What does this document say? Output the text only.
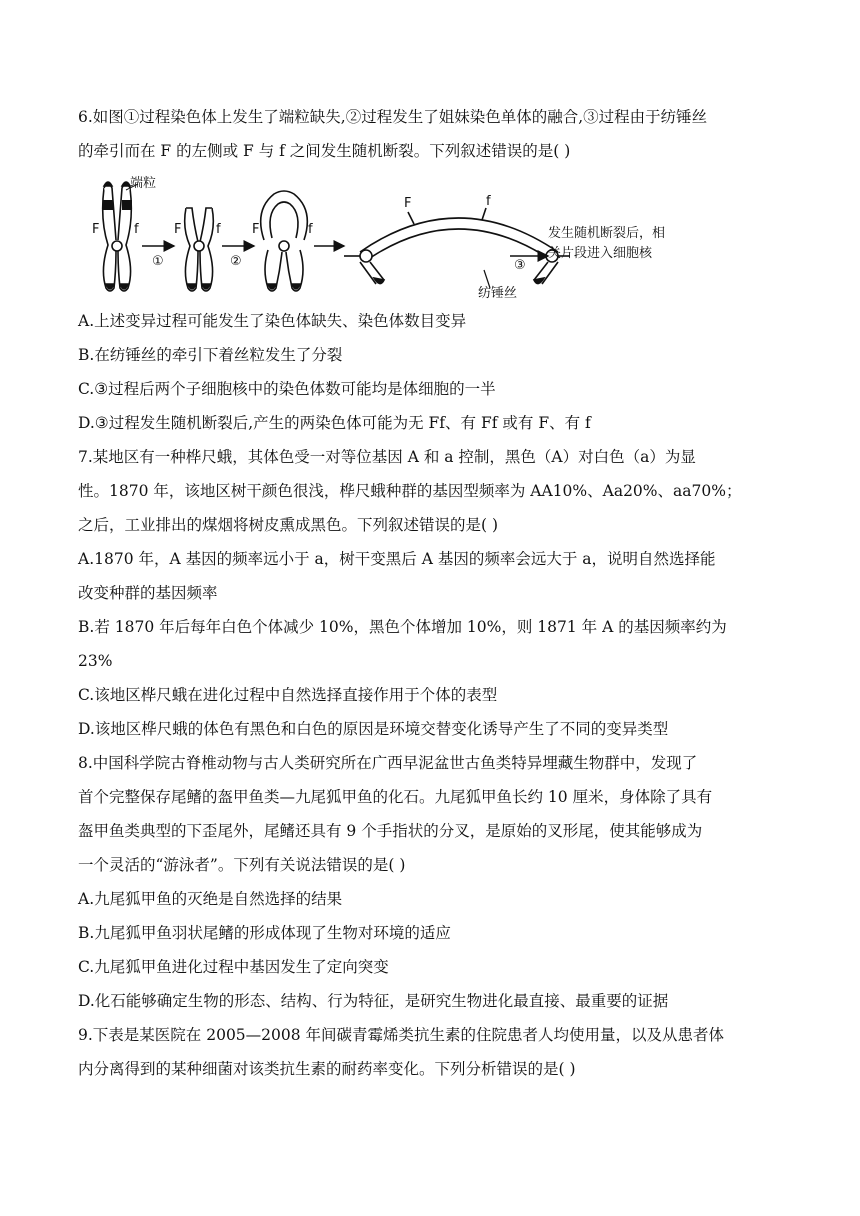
6.如图①过程染色体上发生了端粒缺失,②过程发生了姐妹染色单体的融合,③过程由于纺锤丝
的牵引而在 F 的左侧或 F 与 f 之间发生随机断裂。下列叙述错误的是( )
端粒
F	f	F	f F	f
①	②
F	f
纺锤丝
③
发生随机断裂后，相
关片段进入细胞核
A.上述变异过程可能发生了染色体缺失、染色体数目变异
B.在纺锤丝的牵引下着丝粒发生了分裂
C.③过程后两个子细胞核中的染色体数可能均是体细胞的一半
D.③过程发生随机断裂后,产生的两染色体可能为无 Ff、有 Ff 或有 F、有 f
7.某地区有一种桦尺蛾，其体色受一对等位基因 A 和 a 控制，黑色（A）对白色（a）为显
性。1870 年，该地区树干颜色很浅，桦尺蛾种群的基因型频率为 AA10%、Aa20%、aa70%；
之后，工业排出的煤烟将树皮熏成黑色。下列叙述错误的是( )
A.1870 年，A 基因的频率远小于 a，树干变黑后 A 基因的频率会远大于 a，说明自然选择能
改变种群的基因频率
B.若 1870 年后每年白色个体减少 10%，黑色个体增加 10%，则 1871 年 A 的基因频率约为
23%
C.该地区桦尺蛾在进化过程中自然选择直接作用于个体的表型
D.该地区桦尺蛾的体色有黑色和白色的原因是环境交替变化诱导产生了不同的变异类型
8.中国科学院古脊椎动物与古人类研究所在广西早泥盆世古鱼类特异埋藏生物群中，发现了
首个完整保存尾鳍的盔甲鱼类—九尾狐甲鱼的化石。九尾狐甲鱼长约 10 厘米，身体除了具有
盔甲鱼类典型的下歪尾外，尾鳍还具有 9 个手指状的分叉，是原始的叉形尾，使其能够成为
一个灵活的“游泳者”。下列有关说法错误的是( )
A.九尾狐甲鱼的灭绝是自然选择的结果
B.九尾狐甲鱼羽状尾鳍的形成体现了生物对环境的适应
C.九尾狐甲鱼进化过程中基因发生了定向突变
D.化石能够确定生物的形态、结构、行为特征，是研究生物进化最直接、最重要的证据
9.下表是某医院在 2005—2008 年间碳青霉烯类抗生素的住院患者人均使用量，以及从患者体
内分离得到的某种细菌对该类抗生素的耐药率变化。下列分析错误的是( )
